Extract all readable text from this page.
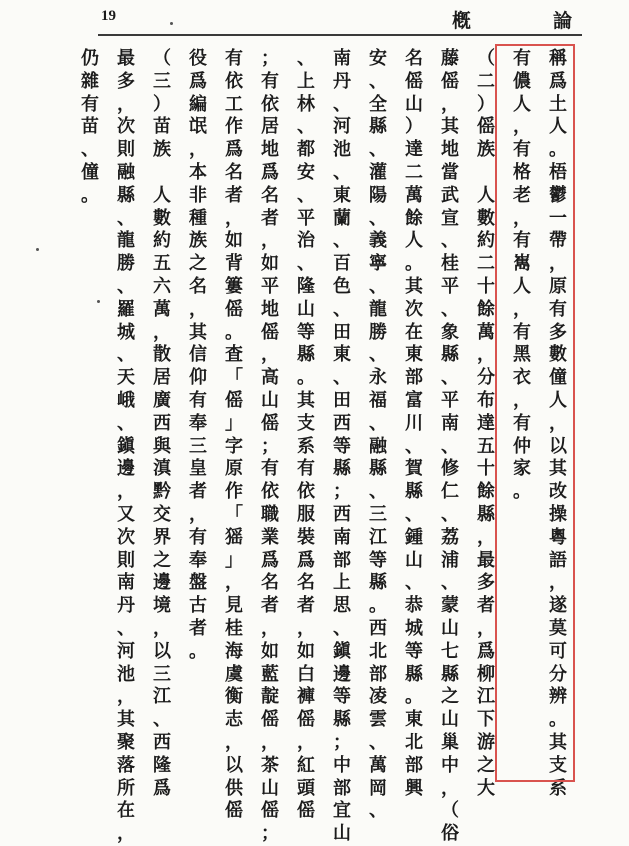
19	槪	論
稱
爲
土
人
。
梧
鬱
一
帶
，
原
有
多
數
僮
人
，
以
其
改
操
粵
語
，
遂
莫
可
分
辨
。
其
支
系
有
儂
人
，
有
格
老
，
有
嶲
人
，
有
黑
衣
，
有
仲
家
。
（
二
）
傜
族

人
數
約
二
十
餘
萬
，
分
布
達
五
十
餘
縣
，
最
多
者
，
爲
柳
江
下
游
之
大
藤
傜
，
其
地
當
武
宣
、
桂
平
、
象
縣
、
平
南
、
修
仁
、
荔
浦
、
蒙
山
七
縣
之
山
巢
中
，
（
俗
名
傜
山
）
達
二
萬
餘
人
。
其
次
在
東
部
富
川
、
賀
縣
、
鍾
山
、
恭
城
等
縣
。
東
北
部
興
安
、
全
縣
、
灌
陽
、
義
寧
、
龍
勝
、
永
福
、
融
縣
、
三
江
等
縣
。
西
北
部
凌
雲
、
萬
岡
、
南
丹
、
河
池
、
東
蘭
、
百
色
、
田
東
、
田
西
等
縣
；
西
南
部
上
思
、
鎭
邊
等
縣
；
中
部
宜
山
、
上
林
、
都
安
、
平
治
、
隆
山
等
縣
。
其
支
系
有
依
服
裝
爲
名
者
，
如
白
褲
傜
，
紅
頭
傜
；
有
依
居
地
爲
名
者
，
如
平
地
傜
，
高
山
傜
；
有
依
職
業
爲
名
者
，
如
藍
靛
傜
，
茶
山
傜
；
有
依
工
作
爲
名
者
，
如
背
簍
傜
。
査
「
傜
」
字
原
作
「
猺
」
，
見
桂
海
虞
衡
志
，
以
供
傜
役
爲
編
氓
，
本
非
種
族
之
名
，
其
信
仰
有
奉
三
皇
者
，
有
奉
盤
古
者
。
（
三
）
苗
族

人
數
約
五
六
萬
，
散
居
廣
西
與
滇
黔
交
界
之
邊
境
，
以
三
江
、
西
隆
爲
最
多
，
次
則
融
縣
、
龍
勝
、
羅
城
、
天
峨
、
鎭
邊
，
又
次
則
南
丹
、
河
池
，
其
聚
落
所
在
，
仍
雜
有
苗
、
僮
。
